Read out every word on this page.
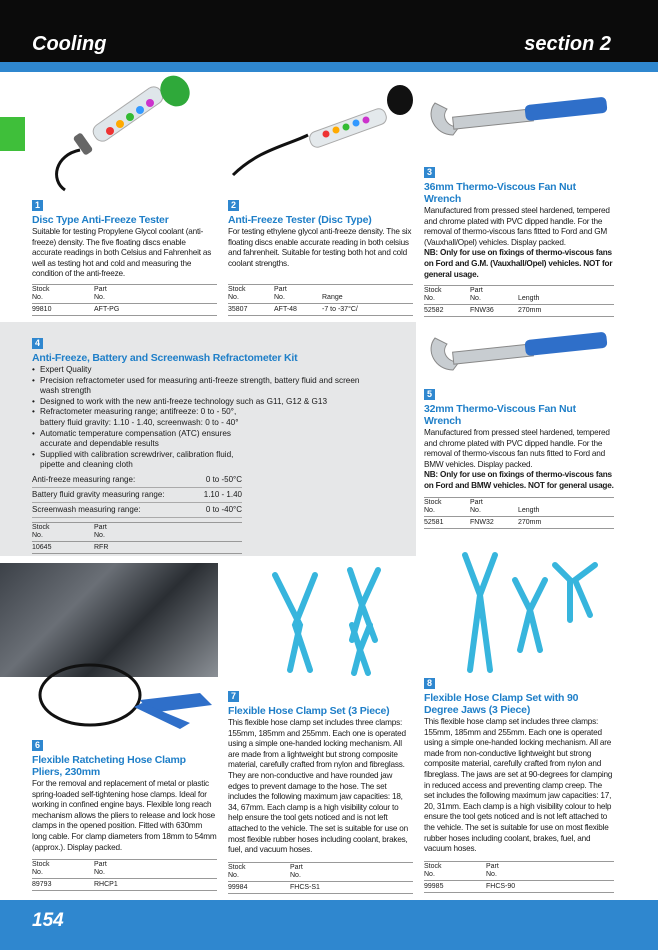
Cooling	section 2
1
Disc Type Anti-Freeze Tester
Suitable for testing Propylene Glycol coolant (anti-freeze) density. The five floating discs enable accurate readings in both Celsius and Fahrenheit as well as testing hot and cold and measuring the condition of the anti-freeze.
Stock
No.	Part
No.
99810	AFT-PG
2
Anti-Freeze Tester (Disc Type)
For testing ethylene glycol anti-freeze density. The six floating discs enable accurate reading in both celsius and fahrenheit. Suitable for testing both hot and cold coolant strengths.
Stock
No.	Part
No.	Range
35807	AFT-48	-7 to -37°C/
3
36mm Thermo-Viscous Fan Nut Wrench
Manufactured from pressed steel hardened, tempered and chrome plated with PVC dipped handle. For the removal of thermo-viscous fans fitted to Ford and GM (Vauxhall/Opel) vehicles. Display packed.
NB: Only for use on fixings of thermo-viscous fans on Ford and G.M. (Vauxhall/Opel) vehicles. NOT for general usage.
Stock
No.	Part
No.	Length
52582	FNW36	270mm
4
Anti-Freeze, Battery and Screenwash Refractometer Kit
• Expert Quality
• Precision refractometer used for measuring anti-freeze strength, battery fluid and screen wash strength
• Designed to work with the new anti-freeze technology such as G11, G12 & G13
• Refractometer measuring range; antifreeze: 0 to - 50°, battery fluid gravity: 1.10 - 1.40, screenwash: 0 to - 40°
• Automatic temperature compensation (ATC) ensures accurate and dependable results
• Supplied with calibration screwdriver, calibration fluid, pipette and cleaning cloth
Anti-freeze measuring range:	0 to -50°C
Battery fluid gravity measuring range:	1.10 - 1.40
Screenwash measuring range:	0 to -40°C
Stock
No.	Part
No.
10645	RFR
5
32mm Thermo-Viscous Fan Nut Wrench
Manufactured from pressed steel hardened, tempered and chrome plated with PVC dipped handle. For the removal of thermo-viscous fan nuts fitted to Ford and BMW vehicles. Display packed.
NB: Only for use on fixings of thermo-viscous fans on Ford and BMW vehicles. NOT for general usage.
Stock
No.	Part
No.	Length
52581	FNW32	270mm
6
Flexible Ratcheting Hose Clamp Pliers, 230mm
For the removal and replacement of metal or plastic spring-loaded self-tightening hose clamps. Ideal for working in confined engine bays. Flexible long reach mechanism allows the pliers to release and lock hose clamps in the opened position. Fitted with 630mm long cable. For clamp diameters from 18mm to 54mm (approx.). Display packed.
Stock
No.	Part
No.
89793	RHCP1
7
Flexible Hose Clamp Set (3 Piece)
This flexible hose clamp set includes three clamps: 155mm, 185mm and 255mm. Each one is operated using a simple one-handed locking mechanism. All are made from a lightweight but strong composite material, carefully crafted from nylon and fibreglass. They are non-conductive and have rounded jaw edges to prevent damage to the hose. The set includes the following maximum jaw capacities: 18, 34, 67mm. Each clamp is a high visibility colour to help ensure the tool gets noticed and is not left attached to the vehicle. The set is suitable for use on most flexible rubber hoses including coolant, brakes, fuel, and vacuum hoses.
Stock
No.	Part
No.
99984	FHCS-S1
8
Flexible Hose Clamp Set with 90 Degree Jaws (3 Piece)
This flexible hose clamp set includes three clamps: 155mm, 185mm and 255mm. Each one is operated using a simple one-handed locking mechanism. All are made from non-conductive lightweight but strong composite material, carefully crafted from nylon and fibreglass. The jaws are set at 90-degrees for clamping in reduced access and preventing clamp creep. The set includes the following maximum jaw capacities: 17, 20, 31mm. Each clamp is a high visibility colour to help ensure the tool gets noticed and is not left attached to the vehicle. The set is suitable for use on most flexible rubber hoses including coolant, brakes, fuel, and vacuum hoses.
Stock
No.	Part
No.
99985	FHCS-90
154
